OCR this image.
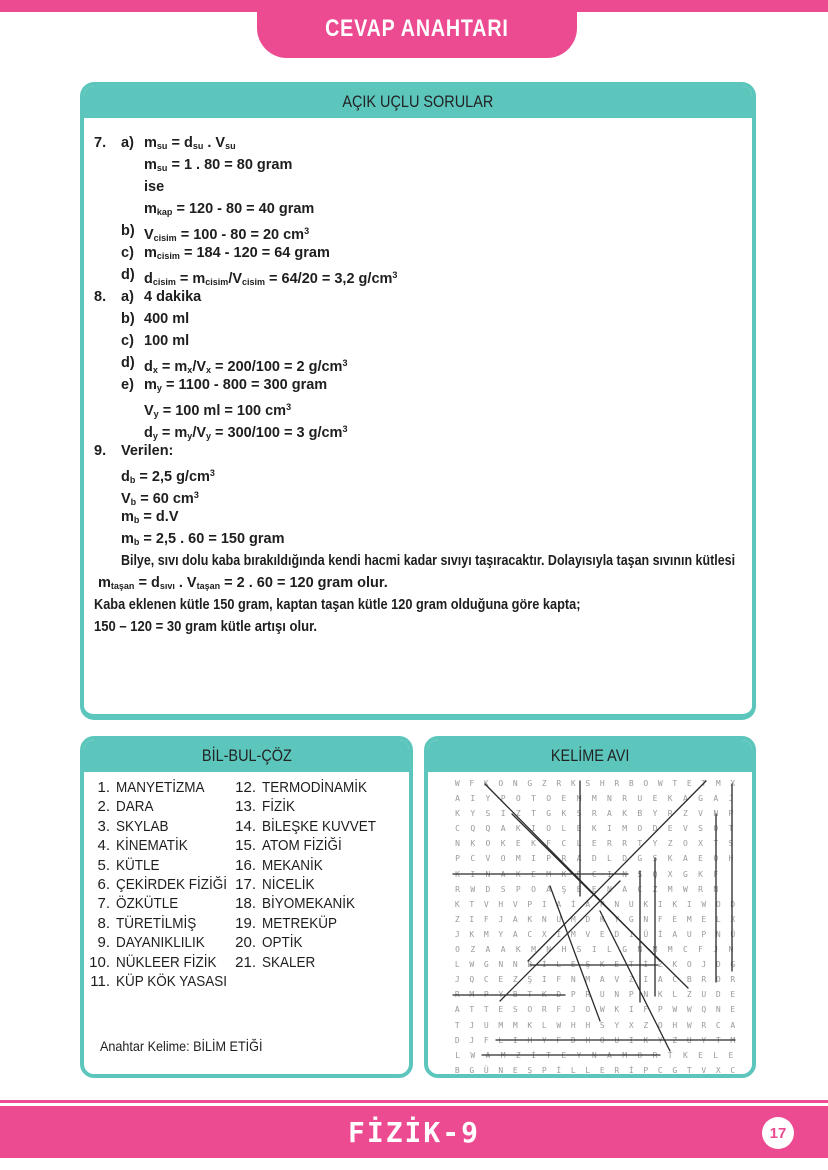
CEVAP ANAHTARI
AÇIK UÇLU SORULAR
7. a) $m_{su} = d_{su}$ . $V_{su}$
$m_{su} = 1$ . 80 = 80 gram
ise
$m_{kap} = 120 - 80 = 40$ gram
b) $V_{cisim} = 100 - 80 = 20$ $cm^3$
c) $m_{cisim} = 184 - 120 = 64$ gram
d) $d_{cisim} = m_{cisim}/V_{cisim} = 64/20 = 3,2$ $g/cm^3$
8. a) 4 dakika
b) 400 ml
c) 100 ml
d) $d_x = m_x/V_x = 200/100 = 2$ $g/cm^3$
e) $m_y = 1100 - 800 = 300$ gram
$V_y = 100$ ml = 100 $cm^3$
$d_y = m_y/V_y = 300/100 = 3$ $g/cm^3$
9. Verilen:
$d_b = 2,5$ $g/cm^3$
$V_b = 60$ $cm^3$
$m_b = d.V$
$m_b = 2,5$ . 60 = 150 gram
Bilye, sıvı dolu kaba bırakıldığında kendi hacmi kadar sıvıyı taşıracaktır. Dolayısıyla taşan sıvının kütlesi
$m_{taşan} = d_{sıvı}$ . $V_{taşan} = 2$ . 60 = 120 gram olur.
Kaba eklenen kütle 150 gram, kaptan taşan kütle 120 gram olduğuna göre kapta;
150 – 120 = 30 gram kütle artışı olur.
BİL-BUL-ÇÖZ
1. MANYETİZMA
2. DARA
3. SKYLAB
4. KİNEMATİK
5. KÜTLE
6. ÇEKİRDEK FİZİĞİ
7. ÖZKÜTLE
8. TÜRETİLMİŞ
9. DAYANIKLILIK
10. NÜKLEER FİZİK
11. KÜP KÖK YASASI
12. TERMODİNAMİK
13. FİZİK
14. BİLEŞKE KUVVET
15. ATOM FİZİĞİ
16. MEKANİK
17. NİCELİK
18. BİYOMEKANİK
19. METREKÜP
20. OPTİK
21. SKALER
Anahtar Kelime: BİLİM ETİĞİ
KELİME AVI
W	F	K	O	N	G	Z	R	K	S	H	R	B	O	W	T	E	T	M	X
A	I	Y	P	O	T	O	E	M	M	N	R	U	E	K	A	G	A	J
K	Y	S	I	Z	T	G	K	S	R	A	K	B	Y	R	Z	V	N	P
C	Q	Q	A	K	I	O	L	E	K	I	M	O	D	E	V	S	O	T
N	K	O	K	E	K	F	C	L	E	R	R	T	Y	Z	O	X	T	S
P	C	V	O	M	I	P	R	A	D	L	D	G	S	K	A	E	O	H
K	I	N	A	K	E	M	K	E	C	I	N	S	Q	X	G	K	F
R	W	D	S	P	O	A	Ş	E	E	N	A	C	Z	M	W	R	N
K	T	V	H	V	P	I	A	İ	A	P	N	U	K	I	K	I	W	O	D
Z	I	F	J	A	K	N	U	M	D	K	Y	G	N	F	E	M	E	L	X
J	K	M	Y	A	C	X	I	M	V	E	D	I	Ü	İ	A	U	P	N	Ü
O	Z	A	A	K	M	N	H	S	I	L	G	N	M	M	C	F	J	N
L	W	G	N	N	B	İ	L	E	Ş	K	E	T	İ	Z	K	O	J	D	G
J	Q	C	E	Z	Ş	I	F	N	M	A	V	Z	I	A	C	B	R	O	R
R	M	P	Y	B	T	K	D	P	R	U	N	P	N	K	L	Z	U	D	E
A	T	T	E	S	O	R	F	J	O	W	K	I	F	P	W	W	Q	N	E
T	J	U	M	M	K	L	W	H	H	S	Y	X	Z	O	H	W	R	C	A
D	J	F	L	I	H	Y	F	D	H	O	U	I	K	Y	Z	U	Y	T	M
L	W	A	M	Z	İ	T	E	Y	N	A	M	O	R	T	K	E	L	E
B	G	Ü	N	E	Ş	P	İ	L	L	E	R	İ	P	C	G	T	V	X	C
FİZİK-9	17
